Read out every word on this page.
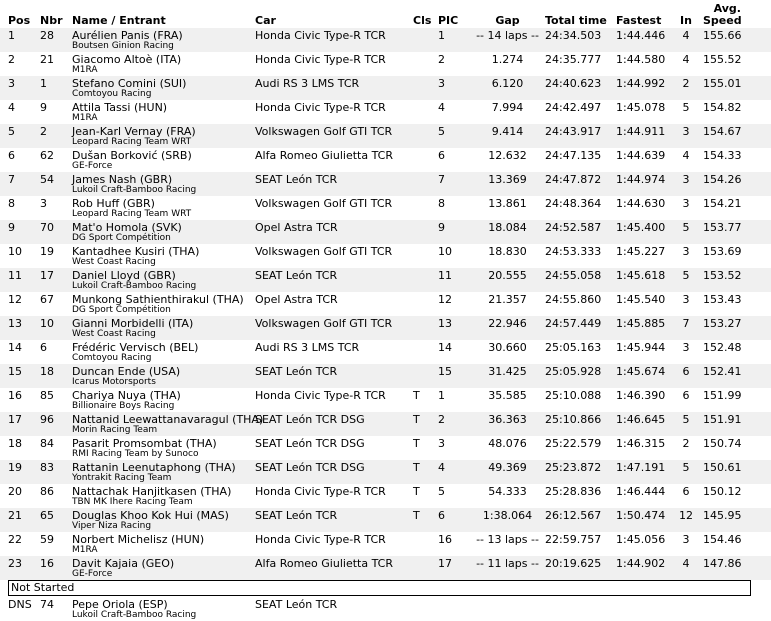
Pos Nbr Name / Entrant	Car	Cls PIC	Gap	Total time Fastest	In
Avg.
Speed
1 28 Aurélien Panis (FRA)
Boutsen Ginion Racing
Honda Civic Type-R TCR	1	-- 14 laps -- 24:34.503 1:44.446	4	155.66
2 21 Giacomo Altoè (ITA)
M1RA
Honda Civic Type-R TCR	2	1.274	24:35.777 1:44.580	4	155.52
3 1 Stefano Comini (SUI)
Comtoyou Racing
Audi RS 3 LMS TCR	3	6.120	24:40.623 1:44.992	2	155.01
4 9 Attila Tassi (HUN)
M1RA
Honda Civic Type-R TCR	4	7.994	24:42.497 1:45.078	5	154.82
5 2 Jean-Karl Vernay (FRA)
Leopard Racing Team WRT
Volkswagen Golf GTI TCR	5	9.414	24:43.917 1:44.911	3	154.67
6 62 Dušan Borković (SRB)
GE-Force
Alfa Romeo Giulietta TCR	6	12.632	24:47.135 1:44.639	4	154.33
7 54 James Nash (GBR)
Lukoil Craft-Bamboo Racing
SEAT León TCR	7	13.369	24:47.872 1:44.974	3	154.26
8 3 Rob Huff (GBR)
Leopard Racing Team WRT
Volkswagen Golf GTI TCR	8	13.861	24:48.364 1:44.630	3	154.21
9 70 Mat'o Homola (SVK)
DG Sport Compétition
Opel Astra TCR	9	18.084	24:52.587 1:45.400	5	153.77
10 19 Kantadhee Kusiri (THA)
West Coast Racing
Volkswagen Golf GTI TCR	10	18.830	24:53.333 1:45.227	3	153.69
11 17 Daniel Lloyd (GBR)
Lukoil Craft-Bamboo Racing
SEAT León TCR	11	20.555	24:55.058 1:45.618	5	153.52
12 67 Munkong Sathienthirakul (THA)
DG Sport Compétition
Opel Astra TCR	12	21.357	24:55.860 1:45.540	3	153.43
13 10 Gianni Morbidelli (ITA)
West Coast Racing
Volkswagen Golf GTI TCR	13	22.946	24:57.449 1:45.885	7	153.27
14 6 Frédéric Vervisch (BEL)
Comtoyou Racing
Audi RS 3 LMS TCR	14	30.660	25:05.163 1:45.944	3	152.48
15 18 Duncan Ende (USA)
Icarus Motorsports
SEAT León TCR	15	31.425	25:05.928 1:45.674	6	152.41
16 85 Chariya Nuya (THA)
Billionaire Boys Racing
Honda Civic Type-R TCR T 1	35.585	25:10.088 1:46.390	6	151.99
17 96 Nattanid Leewattanavaragul (THA)
Morin Racing Team
SEAT León TCR DSG	T 2	36.363	25:10.866 1:46.645	5	151.91
18 84 Pasarit Promsombat (THA)
RMI Racing Team by Sunoco
SEAT León TCR DSG	T 3	48.076	25:22.579 1:46.315	2	150.74
19 83 Rattanin Leenutaphong (THA)
Yontrakit Racing Team
SEAT León TCR DSG	T 4	49.369	25:23.872 1:47.191	5	150.61
20 86 Nattachak Hanjitkasen (THA)
TBN MK Ihere Racing Team
Honda Civic Type-R TCR T 5	54.333	25:28.836 1:46.444	6	150.12
21 65 Douglas Khoo Kok Hui (MAS)
Viper Niza Racing
SEAT León TCR	T 6	1:38.064	26:12.567 1:50.474 12 145.95
22 59 Norbert Michelisz (HUN)
M1RA
Honda Civic Type-R TCR	16	-- 13 laps -- 22:59.757 1:45.056	3	154.46
23 16 Davit Kajaia (GEO)
GE-Force
Alfa Romeo Giulietta TCR	17	-- 11 laps -- 20:19.625 1:44.902	4	147.86
Not Started
DNS 74 Pepe Oriola (ESP)
Lukoil Craft-Bamboo Racing
SEAT León TCR
